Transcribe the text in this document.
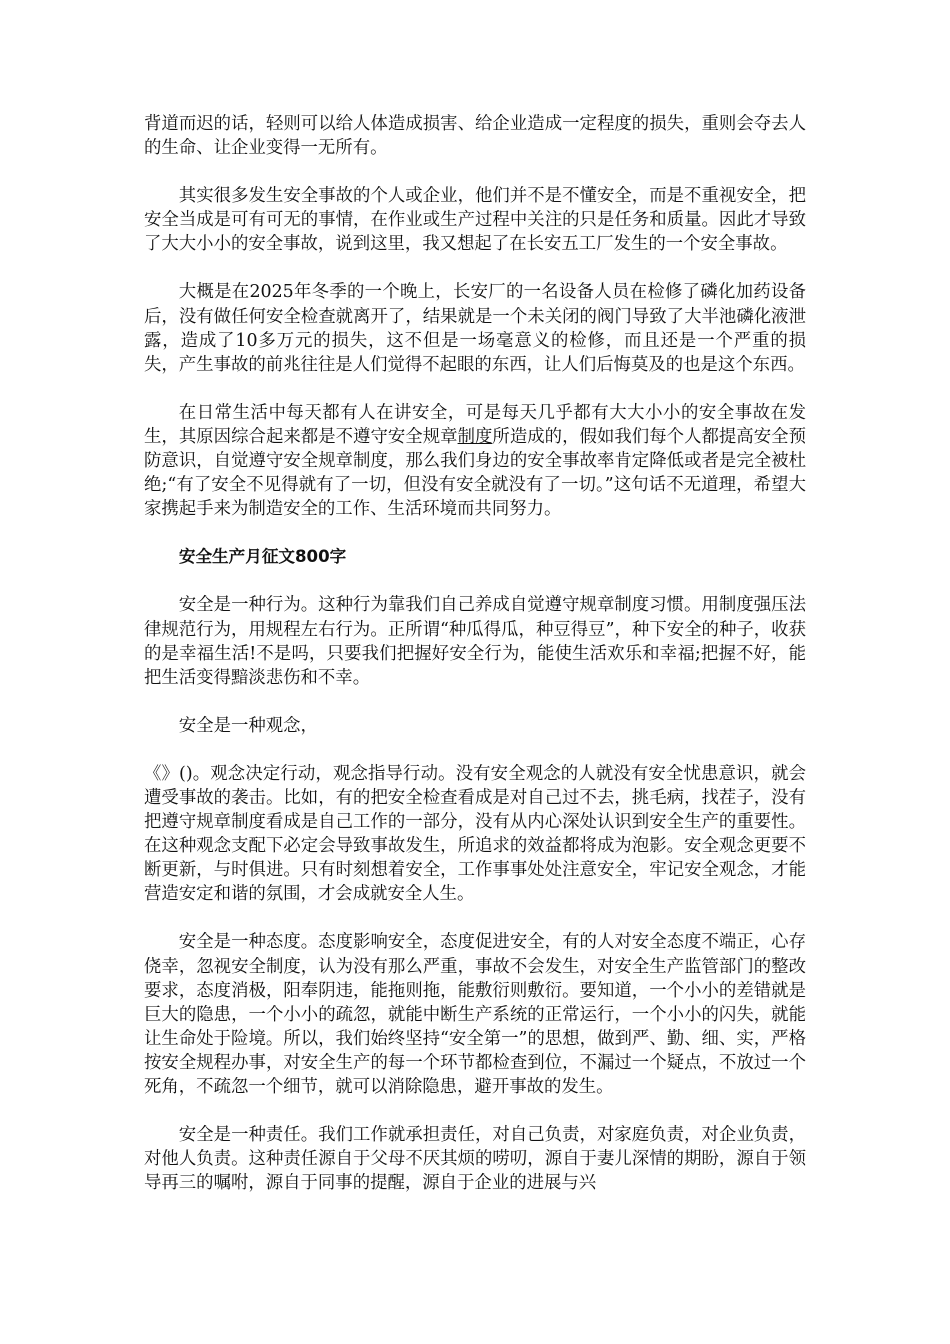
背道而迟的话，轻则可以给人体造成损害、给企业造成一定程度的损失，重则会夺去人的生命、让企业变得一无所有。

其实很多发生安全事故的个人或企业，他们并不是不懂安全，而是不重视安全，把安全当成是可有可无的事情，在作业或生产过程中关注的只是任务和质量。因此才导致了大大小小的安全事故，说到这里，我又想起了在长安五工厂发生的一个安全事故。

大概是在2025年冬季的一个晚上，长安厂的一名设备人员在检修了磷化加药设备后，没有做任何安全检查就离开了，结果就是一个未关闭的阀门导致了大半池磷化液泄露，造成了10多万元的损失，这不但是一场毫意义的检修，而且还是一个严重的损失，产生事故的前兆往往是人们觉得不起眼的东西，让人们后悔莫及的也是这个东西。

在日常生活中每天都有人在讲安全，可是每天几乎都有大大小小的安全事故在发生，其原因综合起来都是不遵守安全规章制度所造成的，假如我们每个人都提高安全预防意识，自觉遵守安全规章制度，那么我们身边的安全事故率肯定降低或者是完全被杜绝;“有了安全不见得就有了一切，但没有安全就没有了一切。”这句话不无道理，希望大家携起手来为制造安全的工作、生活环境而共同努力。

安全生产月征文800字

安全是一种行为。这种行为靠我们自己养成自觉遵守规章制度习惯。用制度强压法律规范行为，用规程左右行为。正所谓“种瓜得瓜，种豆得豆”，种下安全的种子，收获的是幸福生活!不是吗，只要我们把握好安全行为，能使生活欢乐和幸福;把握不好，能把生活变得黯淡悲伤和不幸。

安全是一种观念，

《》()。观念决定行动，观念指导行动。没有安全观念的人就没有安全忧患意识，就会遭受事故的袭击。比如，有的把安全检查看成是对自己过不去，挑毛病，找茬子，没有把遵守规章制度看成是自己工作的一部分，没有从内心深处认识到安全生产的重要性。在这种观念支配下必定会导致事故发生，所追求的效益都将成为泡影。安全观念更要不断更新，与时俱进。只有时刻想着安全，工作事事处处注意安全，牢记安全观念，才能营造安定和谐的氛围，才会成就安全人生。

安全是一种态度。态度影响安全，态度促进安全，有的人对安全态度不端正，心存侥幸，忽视安全制度，认为没有那么严重，事故不会发生，对安全生产监管部门的整改要求，态度消极，阳奉阴违，能拖则拖，能敷衍则敷衍。要知道，一个小小的差错就是巨大的隐患，一个小小的疏忽，就能中断生产系统的正常运行，一个小小的闪失，就能让生命处于险境。所以，我们始终坚持“安全第一”的思想，做到严、勤、细、实，严格按安全规程办事，对安全生产的每一个环节都检查到位，不漏过一个疑点，不放过一个死角，不疏忽一个细节，就可以消除隐患，避开事故的发生。

安全是一种责任。我们工作就承担责任，对自己负责，对家庭负责，对企业负责，对他人负责。这种责任源自于父母不厌其烦的唠叨，源自于妻儿深情的期盼，源自于领导再三的嘱咐，源自于同事的提醒，源自于企业的进展与兴
